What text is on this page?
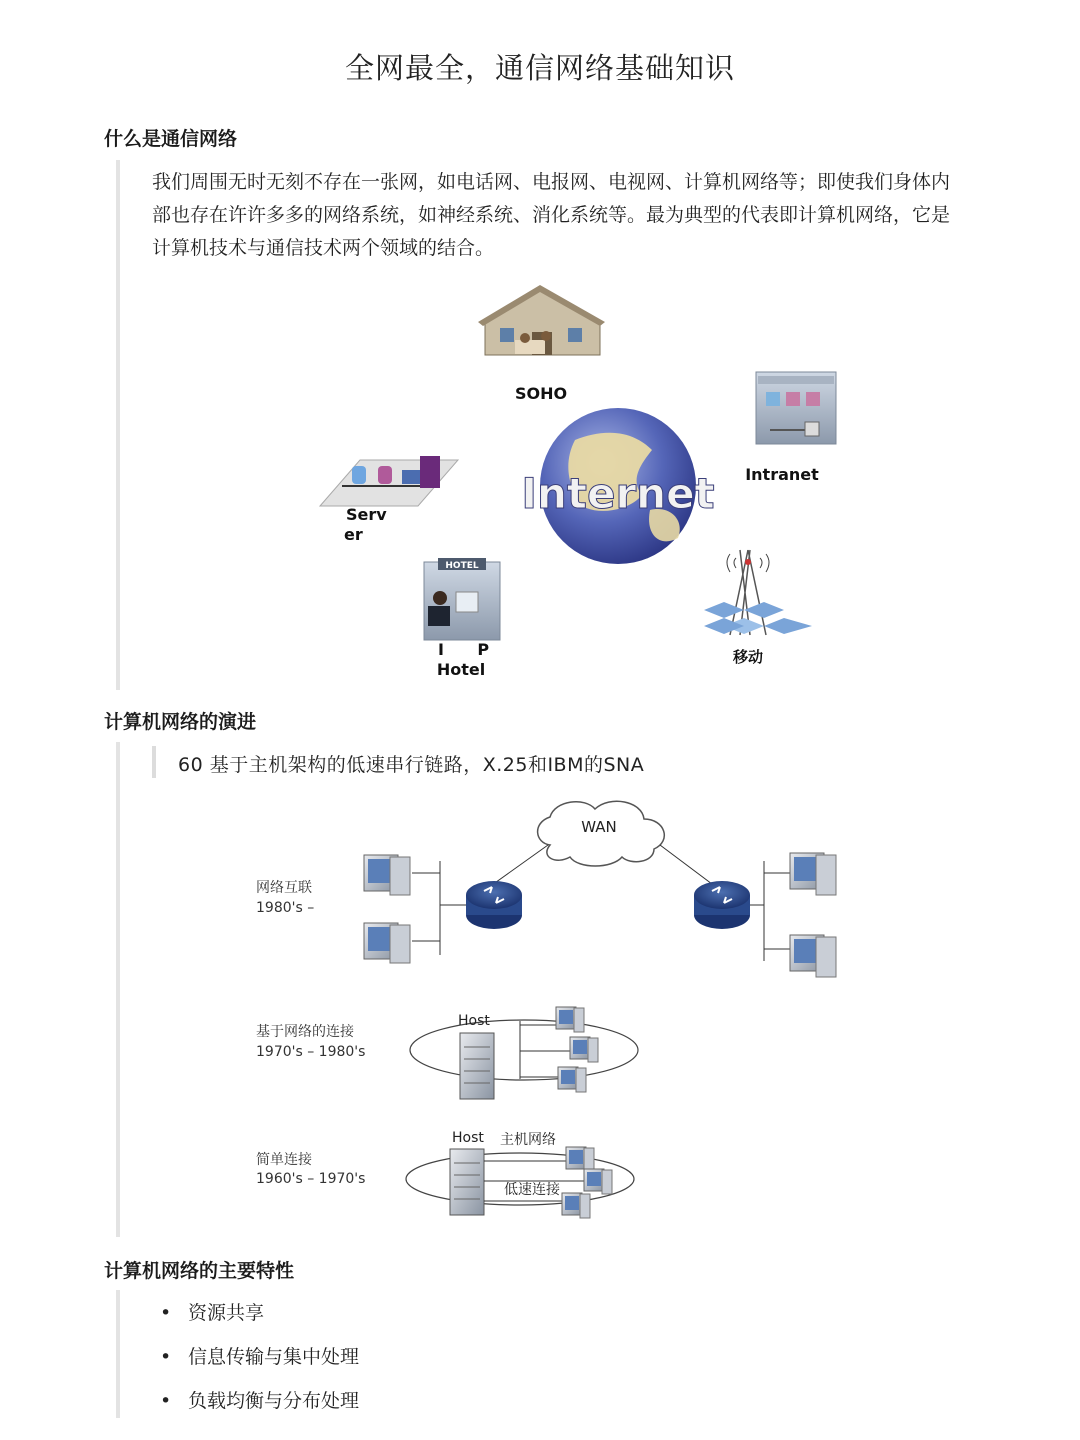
全网最全，通信网络基础知识
什么是通信网络
我们周围无时无刻不存在一张网，如电话网、电报网、电视网、计算机网络等；即使我们身体内部也存在许许多多的网络系统，如神经系统、消化系统等。最为典型的代表即计算机网络，它是计算机技术与通信技术两个领域的结合。
SOHO
Intranet
Internet
Serv
er
HOTEL
I      P
Hotel
移动
计算机网络的演进
60 基于主机架构的低速串行链路，X.25和IBM的SNA
WAN
网络互联
1980's –
基于网络的连接
1970's – 1980's
Host
简单连接
1960's – 1970's
Host 主机网络
低速连接
计算机网络的主要特性
• 资源共享
• 信息传输与集中处理
• 负载均衡与分布处理
